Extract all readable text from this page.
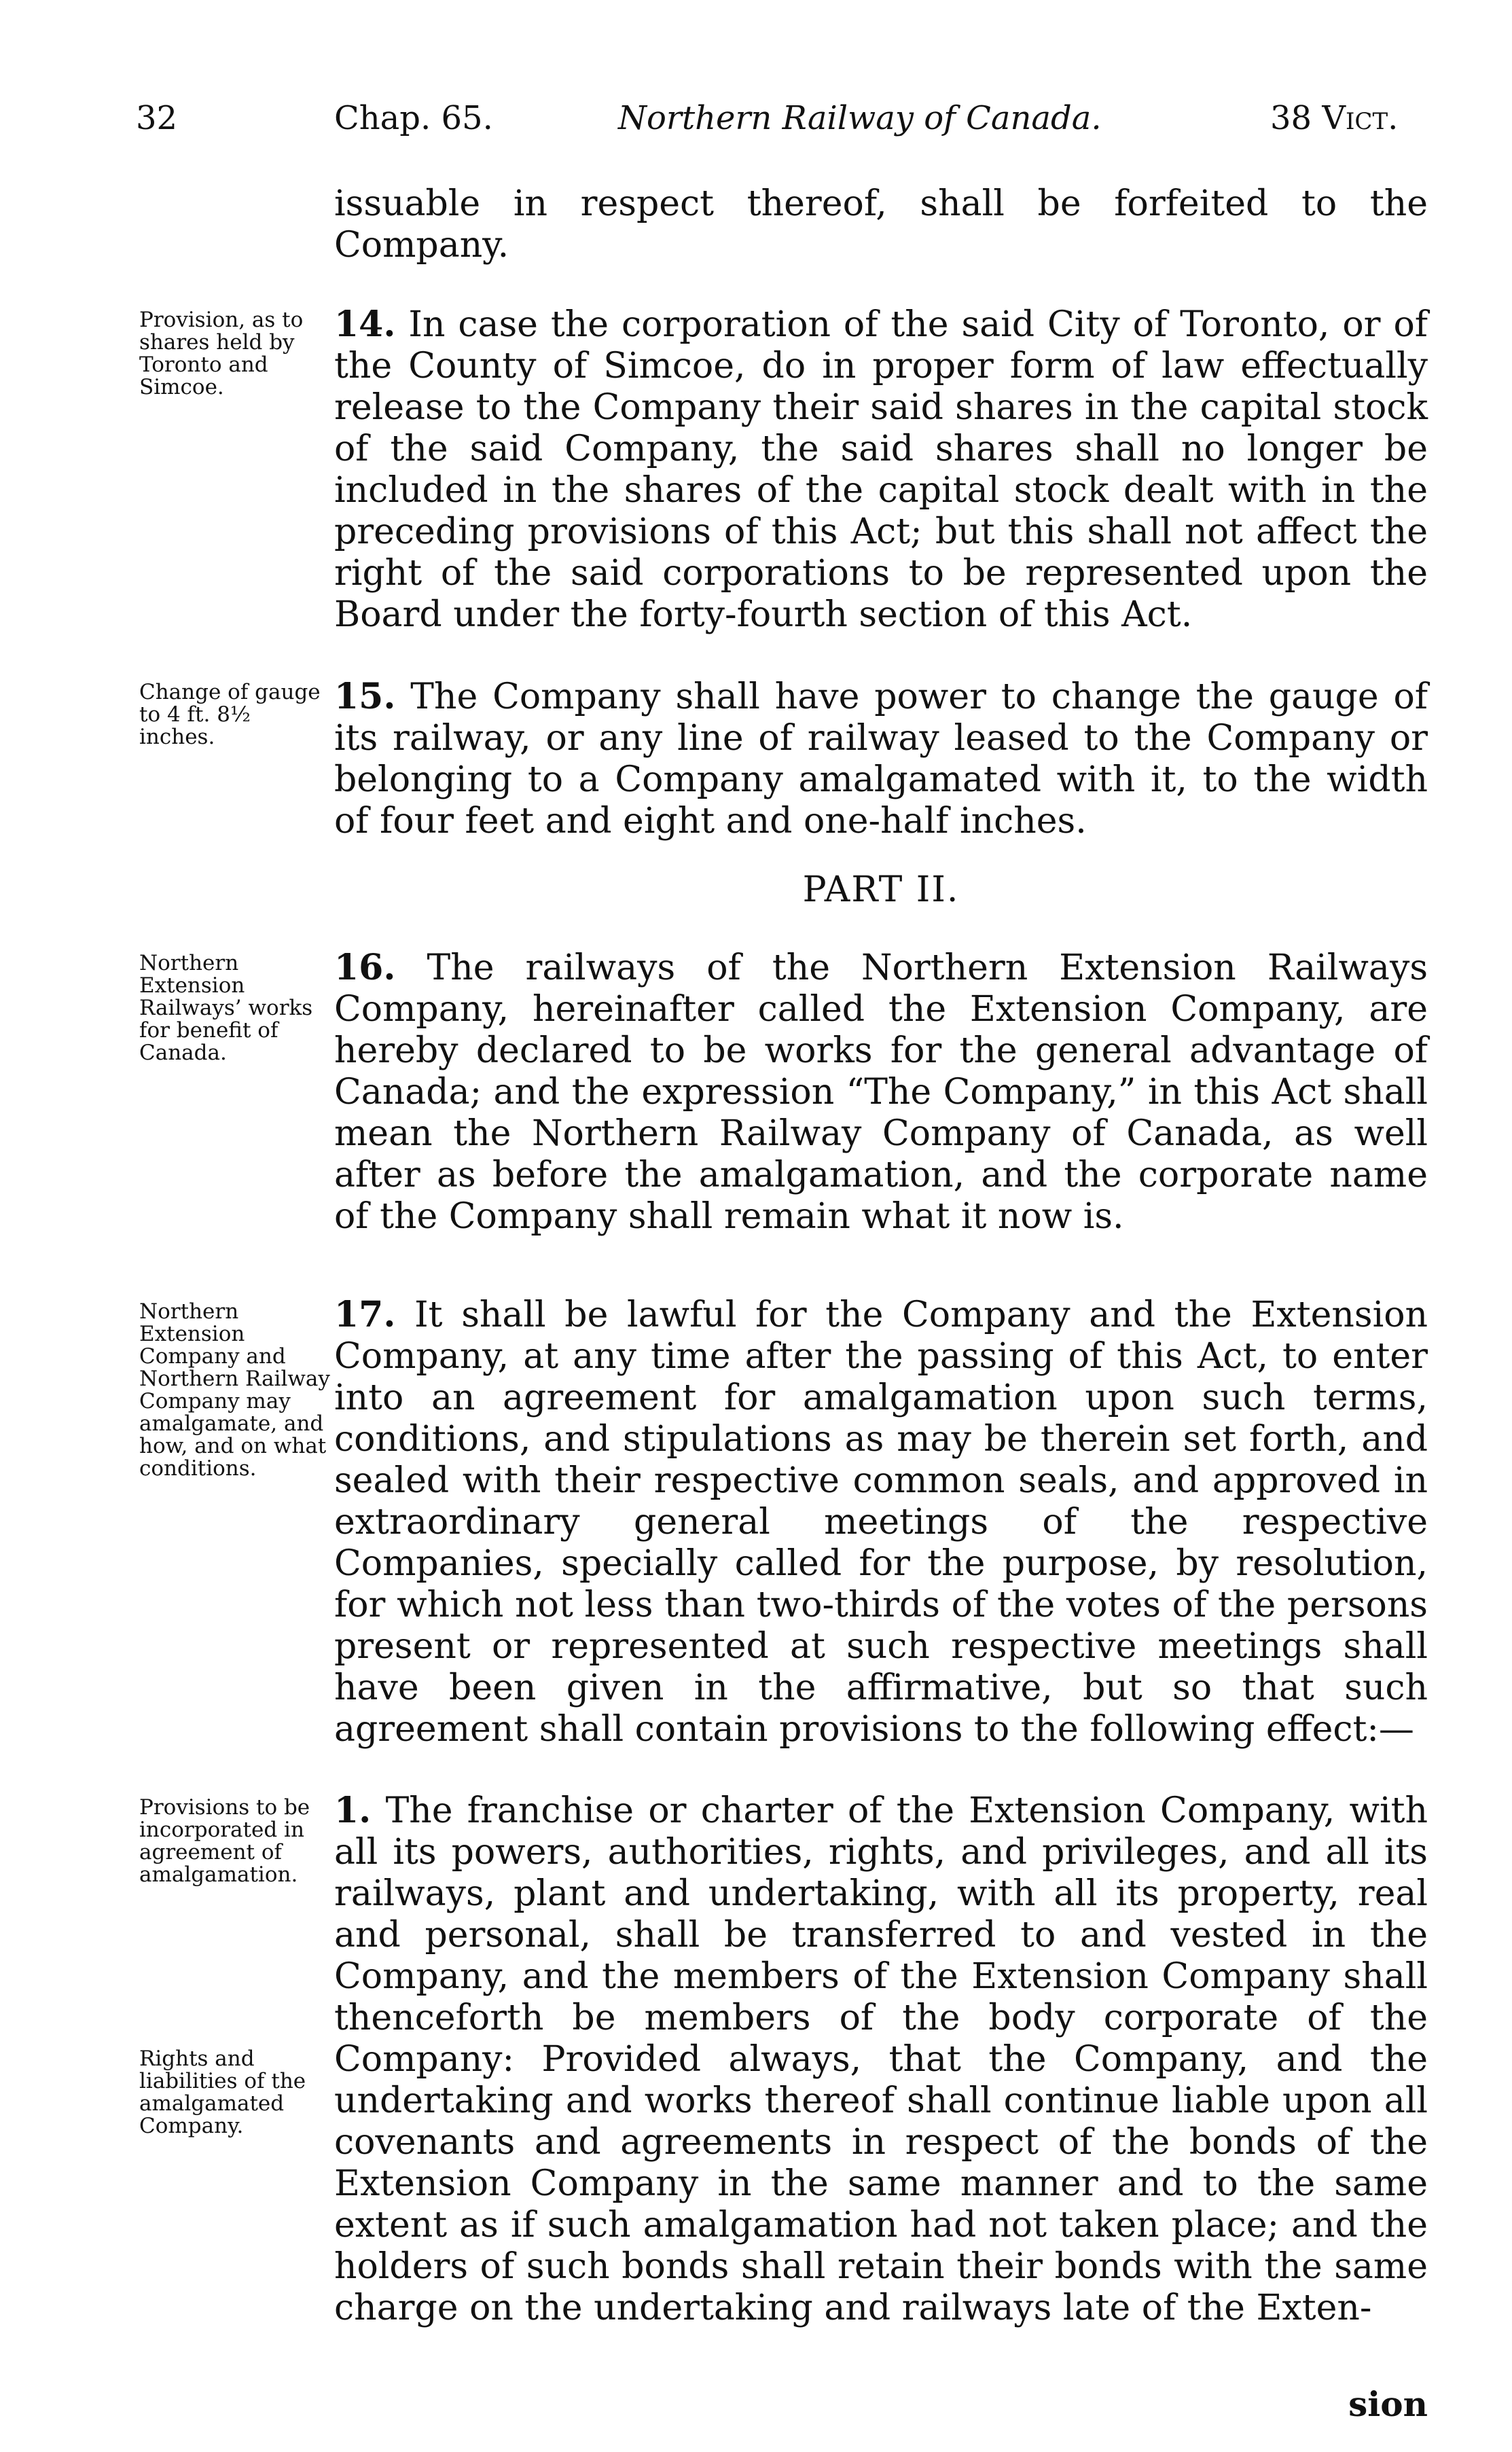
32	Chap. 65.	Northern Railway of Canada.	38 Vict.
issuable in respect thereof, shall be forfeited to the Company.
Provision, as to shares held by Toronto and Simcoe.
14. In case the corporation of the said City of Toronto, or of the County of Simcoe, do in proper form of law effectually release to the Company their said shares in the capital stock of the said Company, the said shares shall no longer be included in the shares of the capital stock dealt with in the preceding provisions of this Act; but this shall not affect the right of the said corporations to be represented upon the Board under the forty-fourth section of this Act.
Change of gauge to 4 ft. 8½ inches.
15. The Company shall have power to change the gauge of its railway, or any line of railway leased to the Company or belonging to a Company amalgamated with it, to the width of four feet and eight and one-half inches.
PART II.
Northern Extension Railways’ works for benefit of Canada.
16. The railways of the Northern Extension Railways Company, hereinafter called the Extension Company, are hereby declared to be works for the general advantage of Canada; and the expression “The Company,” in this Act shall mean the Northern Railway Company of Canada, as well after as before the amalgamation, and the corporate name of the Company shall remain what it now is.
Northern Extension Company and Northern Railway Company may amalgamate, and how, and on what conditions.
17. It shall be lawful for the Company and the Extension Company, at any time after the passing of this Act, to enter into an agreement for amalgamation upon such terms, conditions, and stipulations as may be therein set forth, and sealed with their respective common seals, and approved in extraordinary general meetings of the respective Companies, specially called for the purpose, by resolution, for which not less than two-thirds of the votes of the persons present or represented at such respective meetings shall have been given in the affirmative, but so that such agreement shall contain provisions to the following effect:—
Provisions to be incorporated in agreement of amalgamation.
Rights and liabilities of the amalgamated Company.
1. The franchise or charter of the Extension Company, with all its powers, authorities, rights, and privileges, and all its railways, plant and undertaking, with all its property, real and personal, shall be transferred to and vested in the Company, and the members of the Extension Company shall thenceforth be members of the body corporate of the Company: Provided always, that the Company, and the undertaking and works thereof shall continue liable upon all covenants and agreements in respect of the bonds of the Extension Company in the same manner and to the same extent as if such amalgamation had not taken place; and the holders of such bonds shall retain their bonds with the same charge on the undertaking and railways late of the Exten-
sion
